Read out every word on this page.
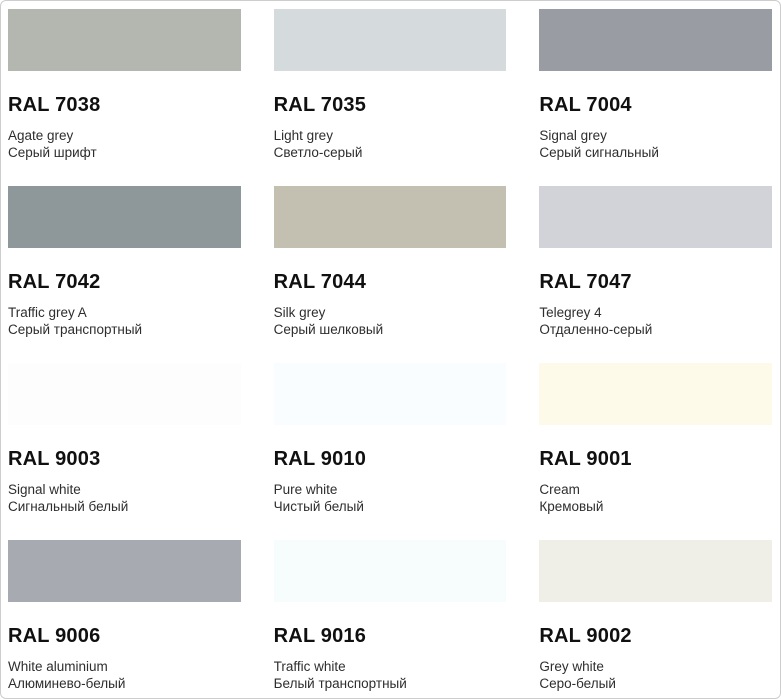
RAL 7038
Agate grey
Серый шрифт
RAL 7035
Light grey
Светло-серый
RAL 7004
Signal grey
Серый сигнальный
RAL 7042
Traffic grey A
Серый транспортный
RAL 7044
Silk grey
Серый шелковый
RAL 7047
Telegrey 4
Отдаленно-серый
RAL 9003
Signal white
Сигнальный белый
RAL 9010
Pure white
Чистый белый
RAL 9001
Cream
Кремовый
RAL 9006
White aluminium
Алюминево-белый
RAL 9016
Traffic white
Белый транспортный
RAL 9002
Grey white
Серо-белый
